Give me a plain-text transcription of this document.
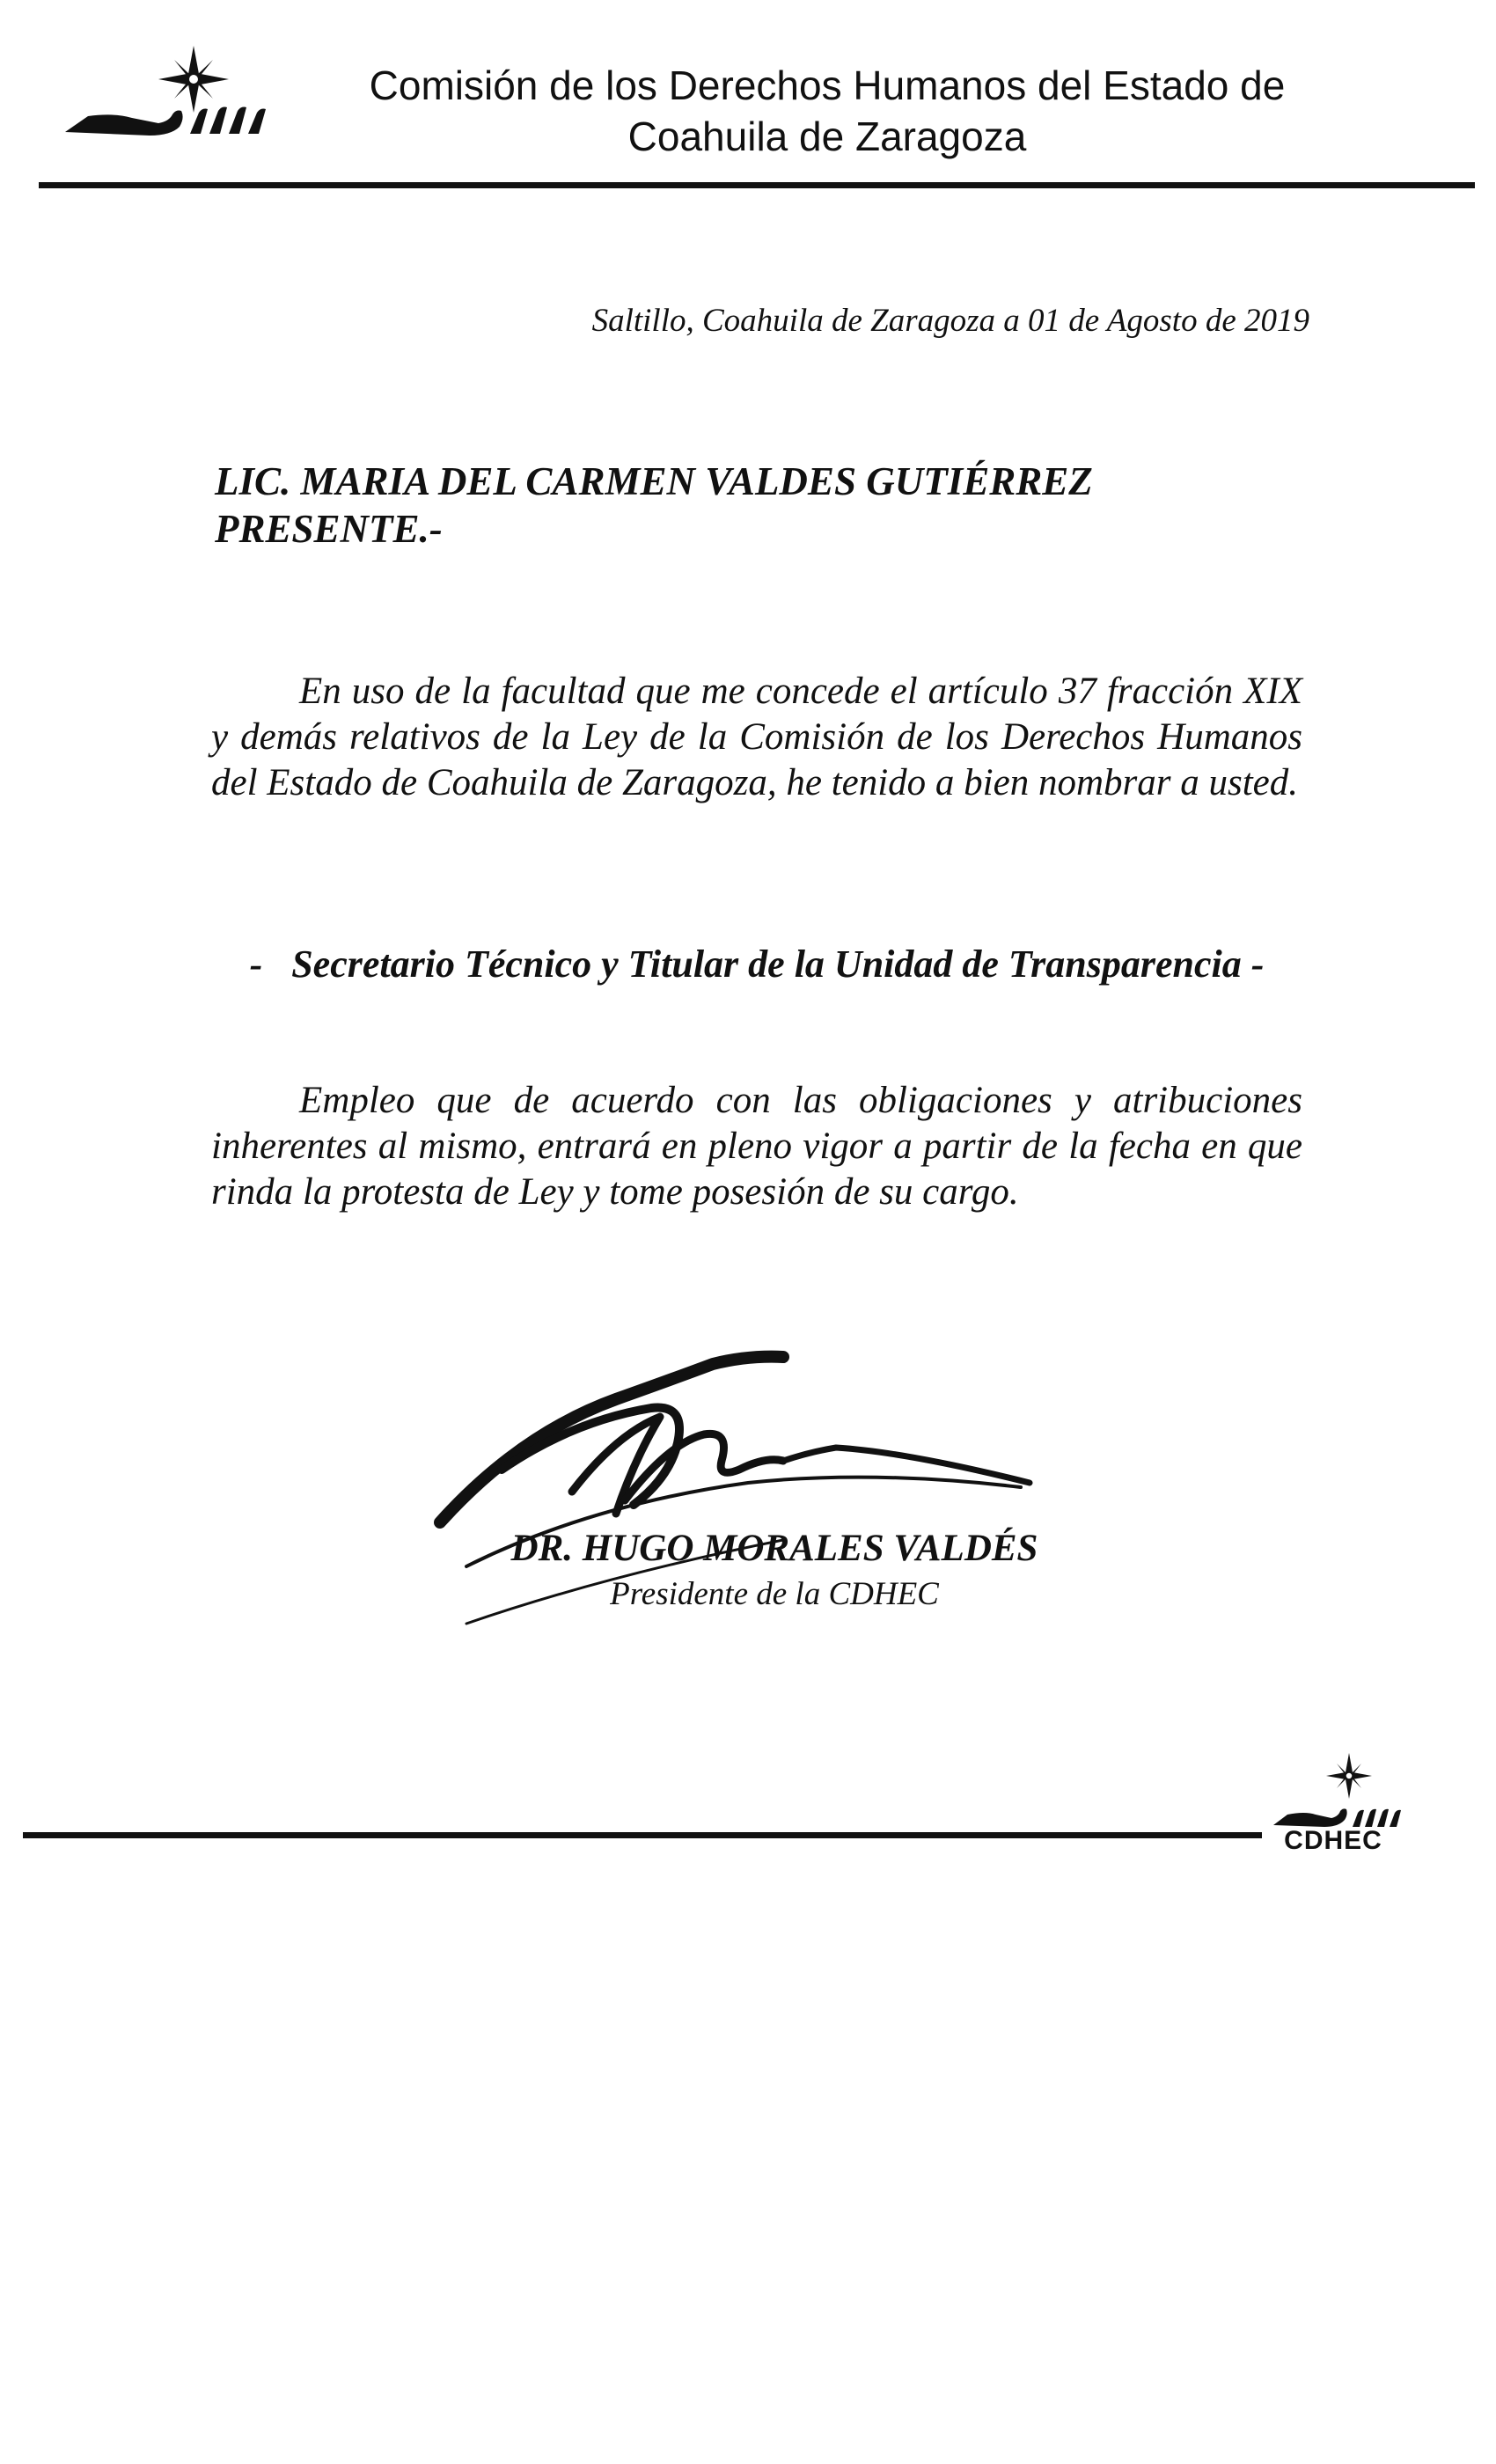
Comisión de los Derechos Humanos del Estado de
Coahuila de Zaragoza
Saltillo, Coahuila de Zaragoza a 01 de Agosto de 2019
LIC. MARIA DEL CARMEN VALDES GUTIÉRREZ
PRESENTE.-
En uso de la facultad que me concede el artículo 37 fracción XIX y demás relativos de la Ley de la Comisión de los Derechos Humanos del Estado de Coahuila de Zaragoza, he tenido a bien nombrar a usted.
-   Secretario Técnico y Titular de la Unidad de Transparencia -
Empleo que de acuerdo con las obligaciones y atribuciones inherentes al mismo, entrará en pleno vigor a partir de la fecha en que rinda la protesta de Ley y tome posesión de su cargo.
DR. HUGO MORALES VALDÉS
Presidente de la CDHEC
CDHEC
